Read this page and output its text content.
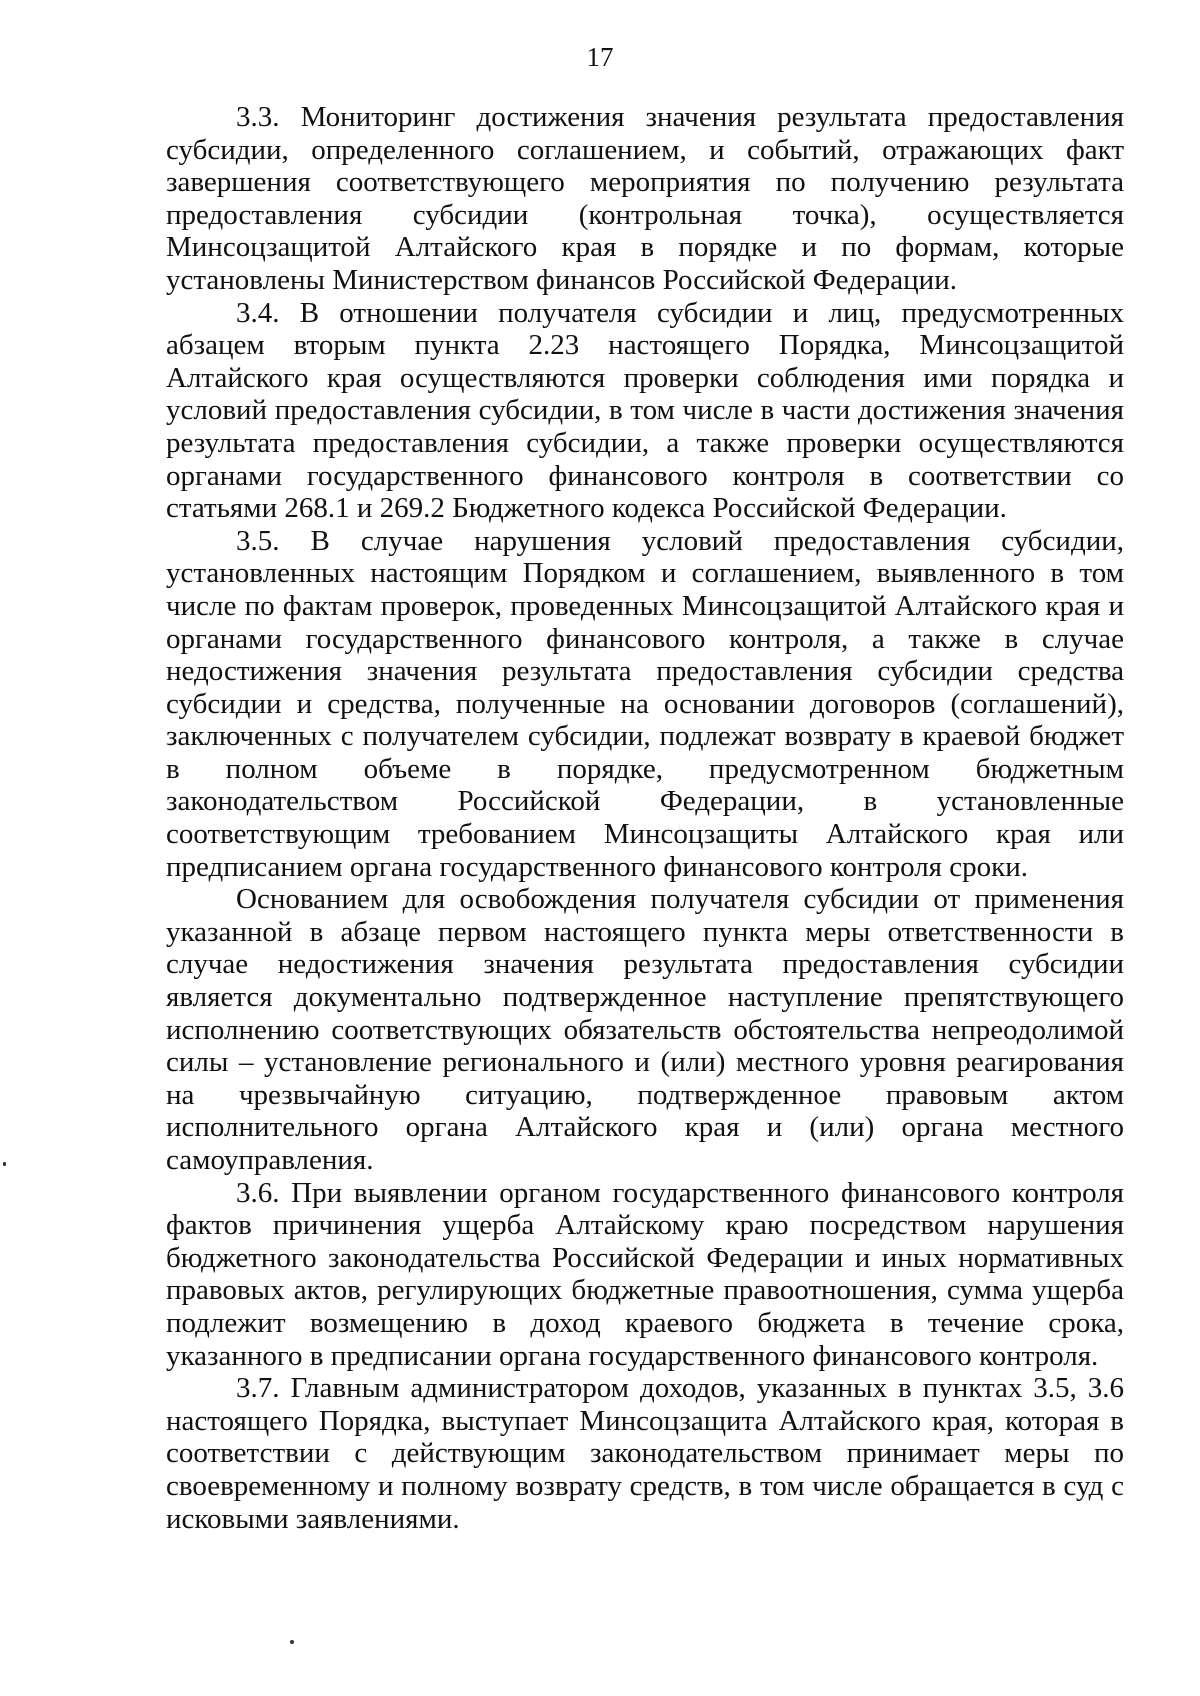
17

3.3. Мониторинг достижения значения результата предоставления субсидии, определенного соглашением, и событий, отражающих факт завершения соответствующего мероприятия по получению результата предоставления субсидии (контрольная точка), осуществляется Минсоцзащитой Алтайского края в порядке и по формам, которые установлены Министерством финансов Российской Федерации.

3.4. В отношении получателя субсидии и лиц, предусмотренных абзацем вторым пункта 2.23 настоящего Порядка, Минсоцзащитой Алтайского края осуществляются проверки соблюдения ими порядка и условий предоставления субсидии, в том числе в части достижения значения результата предоставления субсидии, а также проверки осуществляются органами государственного финансового контроля в соответствии со статьями 268.1 и 269.2 Бюджетного кодекса Российской Федерации.

3.5. В случае нарушения условий предоставления субсидии, установленных настоящим Порядком и соглашением, выявленного в том числе по фактам проверок, проведенных Минсоцзащитой Алтайского края и органами государственного финансового контроля, а также в случае недостижения значения результата предоставления субсидии средства субсидии и средства, полученные на основании договоров (соглашений), заключенных с получателем субсидии, подлежат возврату в краевой бюджет в полном объеме в порядке, предусмотренном бюджетным законодательством Российской Федерации, в установленные соответствующим требованием Минсоцзащиты Алтайского края или предписанием органа государственного финансового контроля сроки.

Основанием для освобождения получателя субсидии от применения указанной в абзаце первом настоящего пункта меры ответственности в случае недостижения значения результата предоставления субсидии является документально подтвержденное наступление препятствующего исполнению соответствующих обязательств обстоятельства непреодолимой силы – установление регионального и (или) местного уровня реагирования на чрезвычайную ситуацию, подтвержденное правовым актом исполнительного органа Алтайского края и (или) органа местного самоуправления.

3.6. При выявлении органом государственного финансового контроля фактов причинения ущерба Алтайскому краю посредством нарушения бюджетного законодательства Российской Федерации и иных нормативных правовых актов, регулирующих бюджетные правоотношения, сумма ущерба подлежит возмещению в доход краевого бюджета в течение срока, указанного в предписании органа государственного финансового контроля.

3.7. Главным администратором доходов, указанных в пунктах 3.5, 3.6 настоящего Порядка, выступает Минсоцзащита Алтайского края, которая в соответствии с действующим законодательством принимает меры по своевременному и полному возврату средств, в том числе обращается в суд с исковыми заявлениями.
